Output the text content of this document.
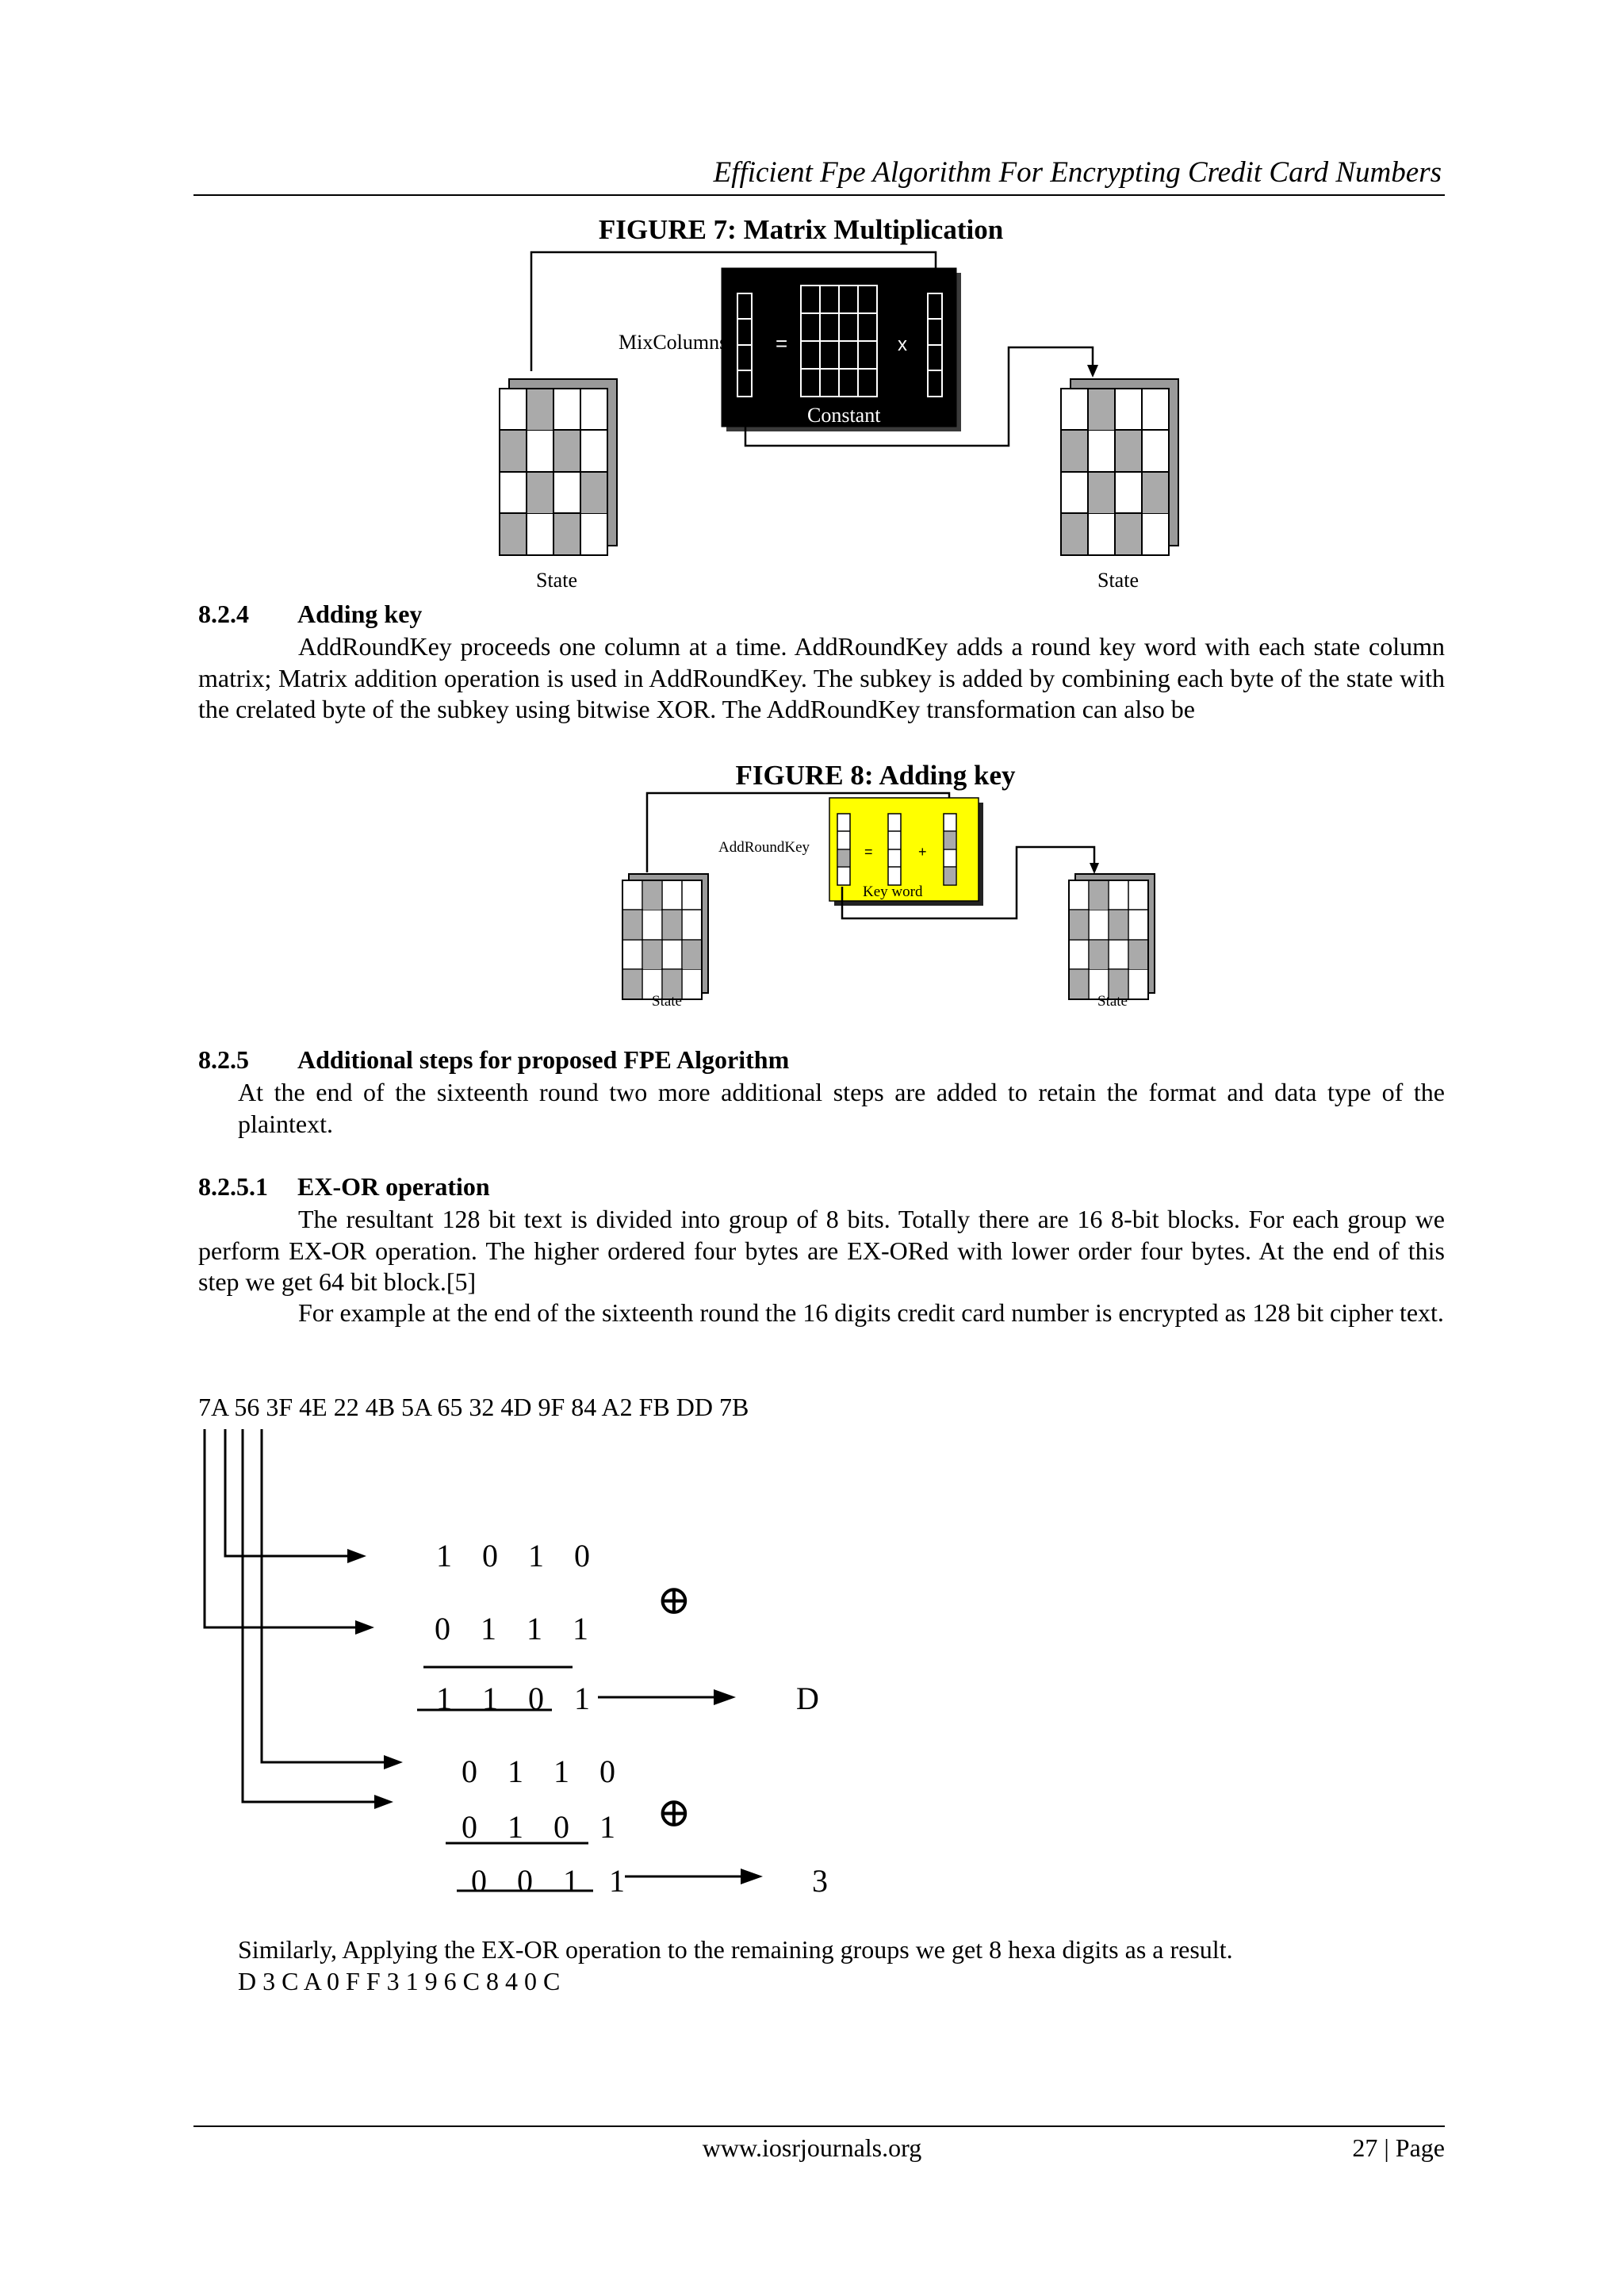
Efficient Fpe Algorithm For Encrypting Credit Card Numbers
FIGURE 7: Matrix Multiplication
=	x
Constant
MixColumns
State	State
8.2.4 Adding key
AddRoundKey proceeds one column at a time. AddRoundKey adds a round key word with each state column matrix; Matrix addition operation is used in AddRoundKey. The subkey is added by combining each byte of the state with the crelated byte of the subkey using bitwise XOR. The AddRoundKey transformation can also be
FIGURE 8: Adding key
=	+
Key word
AddRoundKey
State	State
8.2.5 Additional steps for proposed FPE Algorithm
At the end of the sixteenth round two more additional steps are added to retain the format and data type of the plaintext.
8.2.5.1 EX-OR operation
The resultant 128 bit text is divided into group of 8 bits. Totally there are 16 8-bit blocks. For each group we perform EX-OR operation. The higher ordered four bytes are EX-ORed with lower order four bytes. At the end of this step we get 64 bit block.[5]
For example at the end of the sixteenth round the 16 digits credit card number is encrypted as 128 bit cipher text.
7A 56 3F 4E 22 4B 5A 65 32 4D 9F 84 A2 FB DD 7B
1 0 1 0
0 1 1 1
1 1 0 1	D
0 1 1 0
0 1 0 1
0 0 1 1	3
⊕
⊕
Similarly, Applying the EX-OR operation to the remaining groups we get 8 hexa digits as a result.
D 3 C A 0 F F 3 1 9 6 C 8 4 0 C
www.iosrjournals.org	27 | Page
